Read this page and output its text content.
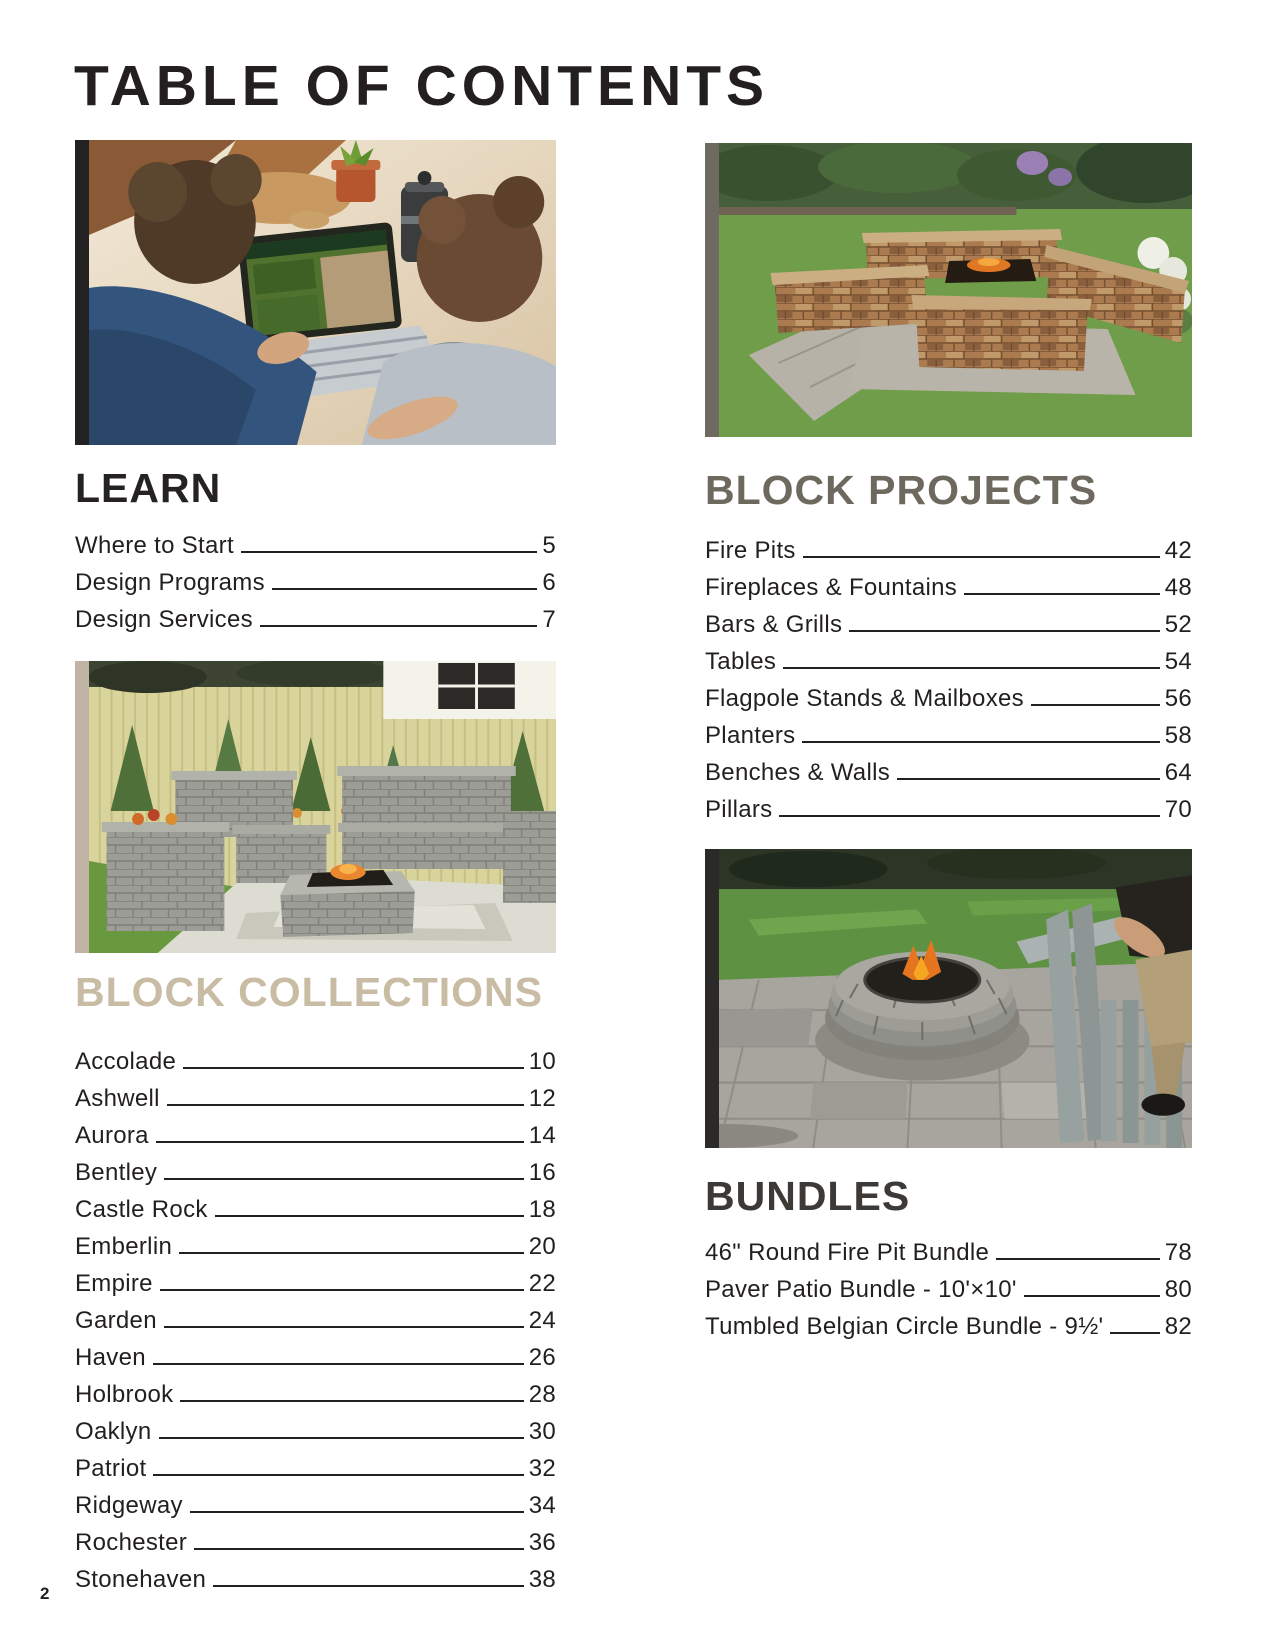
TABLE OF CONTENTS
LEARN
Where to Start	5
Design Programs	6
Design Services	7
BLOCK COLLECTIONS
Accolade	10
Ashwell	12
Aurora	14
Bentley	16
Castle Rock	18
Emberlin	20
Empire	22
Garden	24
Haven	26
Holbrook	28
Oaklyn	30
Patriot	32
Ridgeway	34
Rochester	36
Stonehaven	38
BLOCK PROJECTS
Fire Pits	42
Fireplaces & Fountains	48
Bars & Grills	52
Tables	54
Flagpole Stands & Mailboxes	56
Planters	58
Benches & Walls	64
Pillars	70
BUNDLES
46" Round Fire Pit Bundle	78
Paver Patio Bundle - 10'×10'	80
Tumbled Belgian Circle Bundle - 9½'	82
2
